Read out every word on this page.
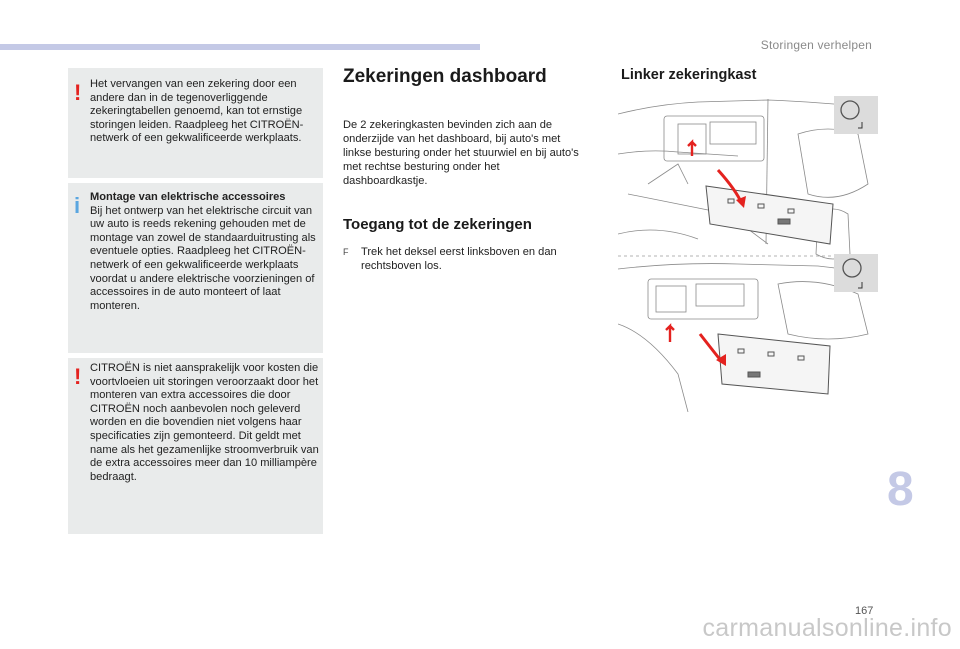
Storingen verhelpen
! Het vervangen van een zekering door een andere dan in de tegenoverliggende zekeringtabellen genoemd, kan tot ernstige storingen leiden. Raadpleeg het CITROËN-netwerk of een gekwalificeerde werkplaats.
i Montage van elektrische accessoires
Bij het ontwerp van het elektrische circuit van uw auto is reeds rekening gehouden met de montage van zowel de standaarduitrusting als eventuele opties. Raadpleeg het CITROËN-netwerk of een gekwalificeerde werkplaats voordat u andere elektrische voorzieningen of accessoires in de auto monteert of laat monteren.
! CITROËN is niet aansprakelijk voor kosten die voortvloeien uit storingen veroorzaakt door het monteren van extra accessoires die door CITROËN noch aanbevolen noch geleverd worden en die bovendien niet volgens haar specificaties zijn gemonteerd. Dit geldt met name als het gezamenlijke stroomverbruik van de extra accessoires meer dan 10 milliampère bedraagt.
Zekeringen dashboard
De 2 zekeringkasten bevinden zich aan de onderzijde van het dashboard, bij auto's met linkse besturing onder het stuurwiel en bij auto's met rechtse besturing onder het dashboardkastje.
Toegang tot de zekeringen
F Trek het deksel eerst linksboven en dan rechtsboven los.
Linker zekeringkast
8
167
carmanualsonline.info
